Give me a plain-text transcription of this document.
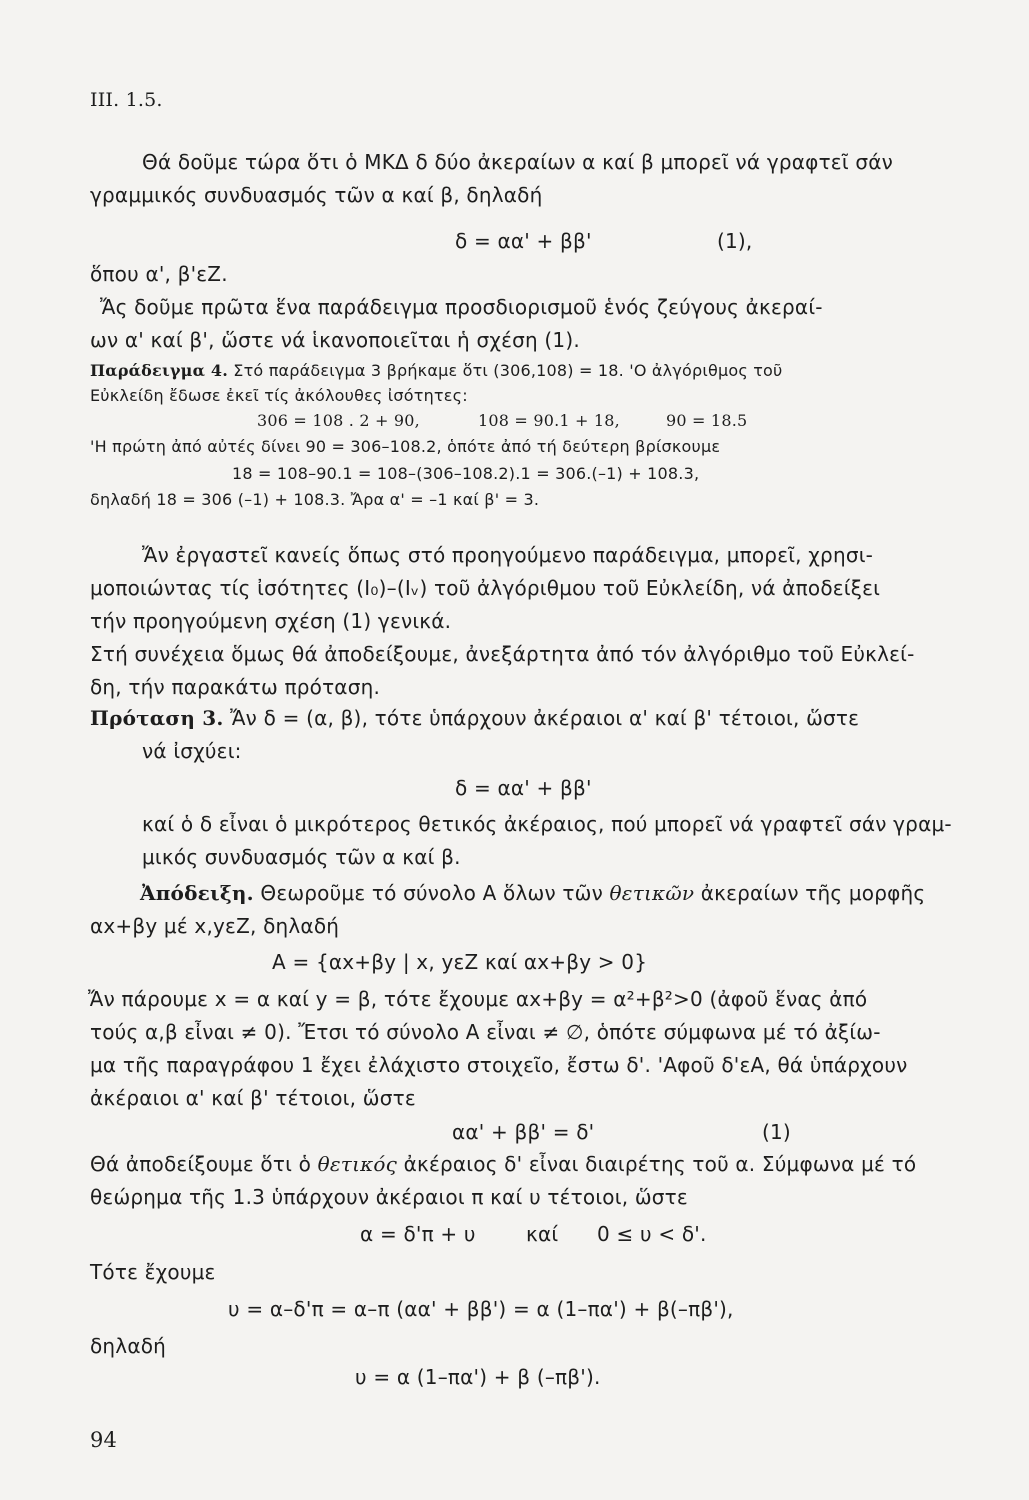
III. 1.5.
Θά δοῦμε τώρα ὅτι ὁ ΜΚΔ δ δύο ἀκεραίων α καί β μπορεῖ νά γραφτεῖ σάν
γραμμικός συνδυασμός τῶν α καί β, δηλαδή
δ = αα' + ββ'	(1),
ὅπου α', β'εZ.
Ἄς δοῦμε πρῶτα ἕνα παράδειγμα προσδιορισμοῦ ἑνός ζεύγους ἀκεραί-
ων α' καί β', ὥστε νά ἱκανοποιεῖται ἡ σχέση (1).
Παράδειγμα 4. Στό παράδειγμα 3 βρήκαμε ὅτι (306,108) = 18. 'Ο ἀλγόριθμος τοῦ
Εὐκλείδη ἔδωσε ἐκεῖ τίς ἀκόλουθες ἰσότητες:
306 = 108 . 2 + 90,	108 = 90.1 + 18,	90 = 18.5
'Η πρώτη ἀπό αὐτές δίνει 90 = 306–108.2, ὁπότε ἀπό τή δεύτερη βρίσκουμε
18 = 108–90.1 = 108–(306–108.2).1 = 306.(–1) + 108.3,
δηλαδή 18 = 306 (–1) + 108.3. Ἄρα α' = –1 καί β' = 3.
Ἄν ἐργαστεῖ κανείς ὅπως στό προηγούμενο παράδειγμα, μπορεῖ, χρησι-
μοποιώντας τίς ἰσότητες (I₀)–(Iᵥ) τοῦ ἀλγόριθμου τοῦ Εὐκλείδη, νά ἀποδείξει
τήν προηγούμενη σχέση (1) γενικά.
Στή συνέχεια ὅμως θά ἀποδείξουμε, ἀνεξάρτητα ἀπό τόν ἀλγόριθμο τοῦ Εὐκλεί-
δη, τήν παρακάτω πρόταση.
Πρόταση 3. Ἄν δ = (α, β), τότε ὑπάρχουν ἀκέραιοι α' καί β' τέτοιοι, ὥστε
νά ἰσχύει:
δ = αα' + ββ'
καί ὁ δ εἶναι ὁ μικρότερος θετικός ἀκέραιος, πού μπορεῖ νά γραφτεῖ σάν γραμ-
μικός συνδυασμός τῶν α καί β.
Ἀπόδειξη. Θεωροῦμε τό σύνολο Α ὅλων τῶν θετικῶν ἀκεραίων τῆς μορφῆς
αx+βy μέ x,yεZ, δηλαδή
Α = {αx+βy | x, yεZ καί αx+βy > 0}
Ἄν πάρουμε x = α καί y = β, τότε ἔχουμε αx+βy = α²+β²>0 (ἀφοῦ ἕνας ἀπό
τούς α,β εἶναι ≠ 0). Ἔτσι τό σύνολο Α εἶναι ≠ ∅, ὁπότε σύμφωνα μέ τό ἀξίω-
μα τῆς παραγράφου 1 ἔχει ἐλάχιστο στοιχεῖο, ἔστω δ'. 'Αφοῦ δ'εΑ, θά ὑπάρχουν
ἀκέραιοι α' καί β' τέτοιοι, ὥστε
αα' + ββ' = δ'	(1)
Θά ἀποδείξουμε ὅτι ὁ θετικός ἀκέραιος δ' εἶναι διαιρέτης τοῦ α. Σύμφωνα μέ τό
θεώρημα τῆς 1.3 ὑπάρχουν ἀκέραιοι π καί υ τέτοιοι, ὥστε
α = δ'π + υ	καί 0 ≤ υ < δ'.
Τότε ἔχουμε
υ = α–δ'π = α–π (αα' + ββ') = α (1–πα') + β(–πβ'),
δηλαδή
υ = α (1–πα') + β (–πβ').
94
